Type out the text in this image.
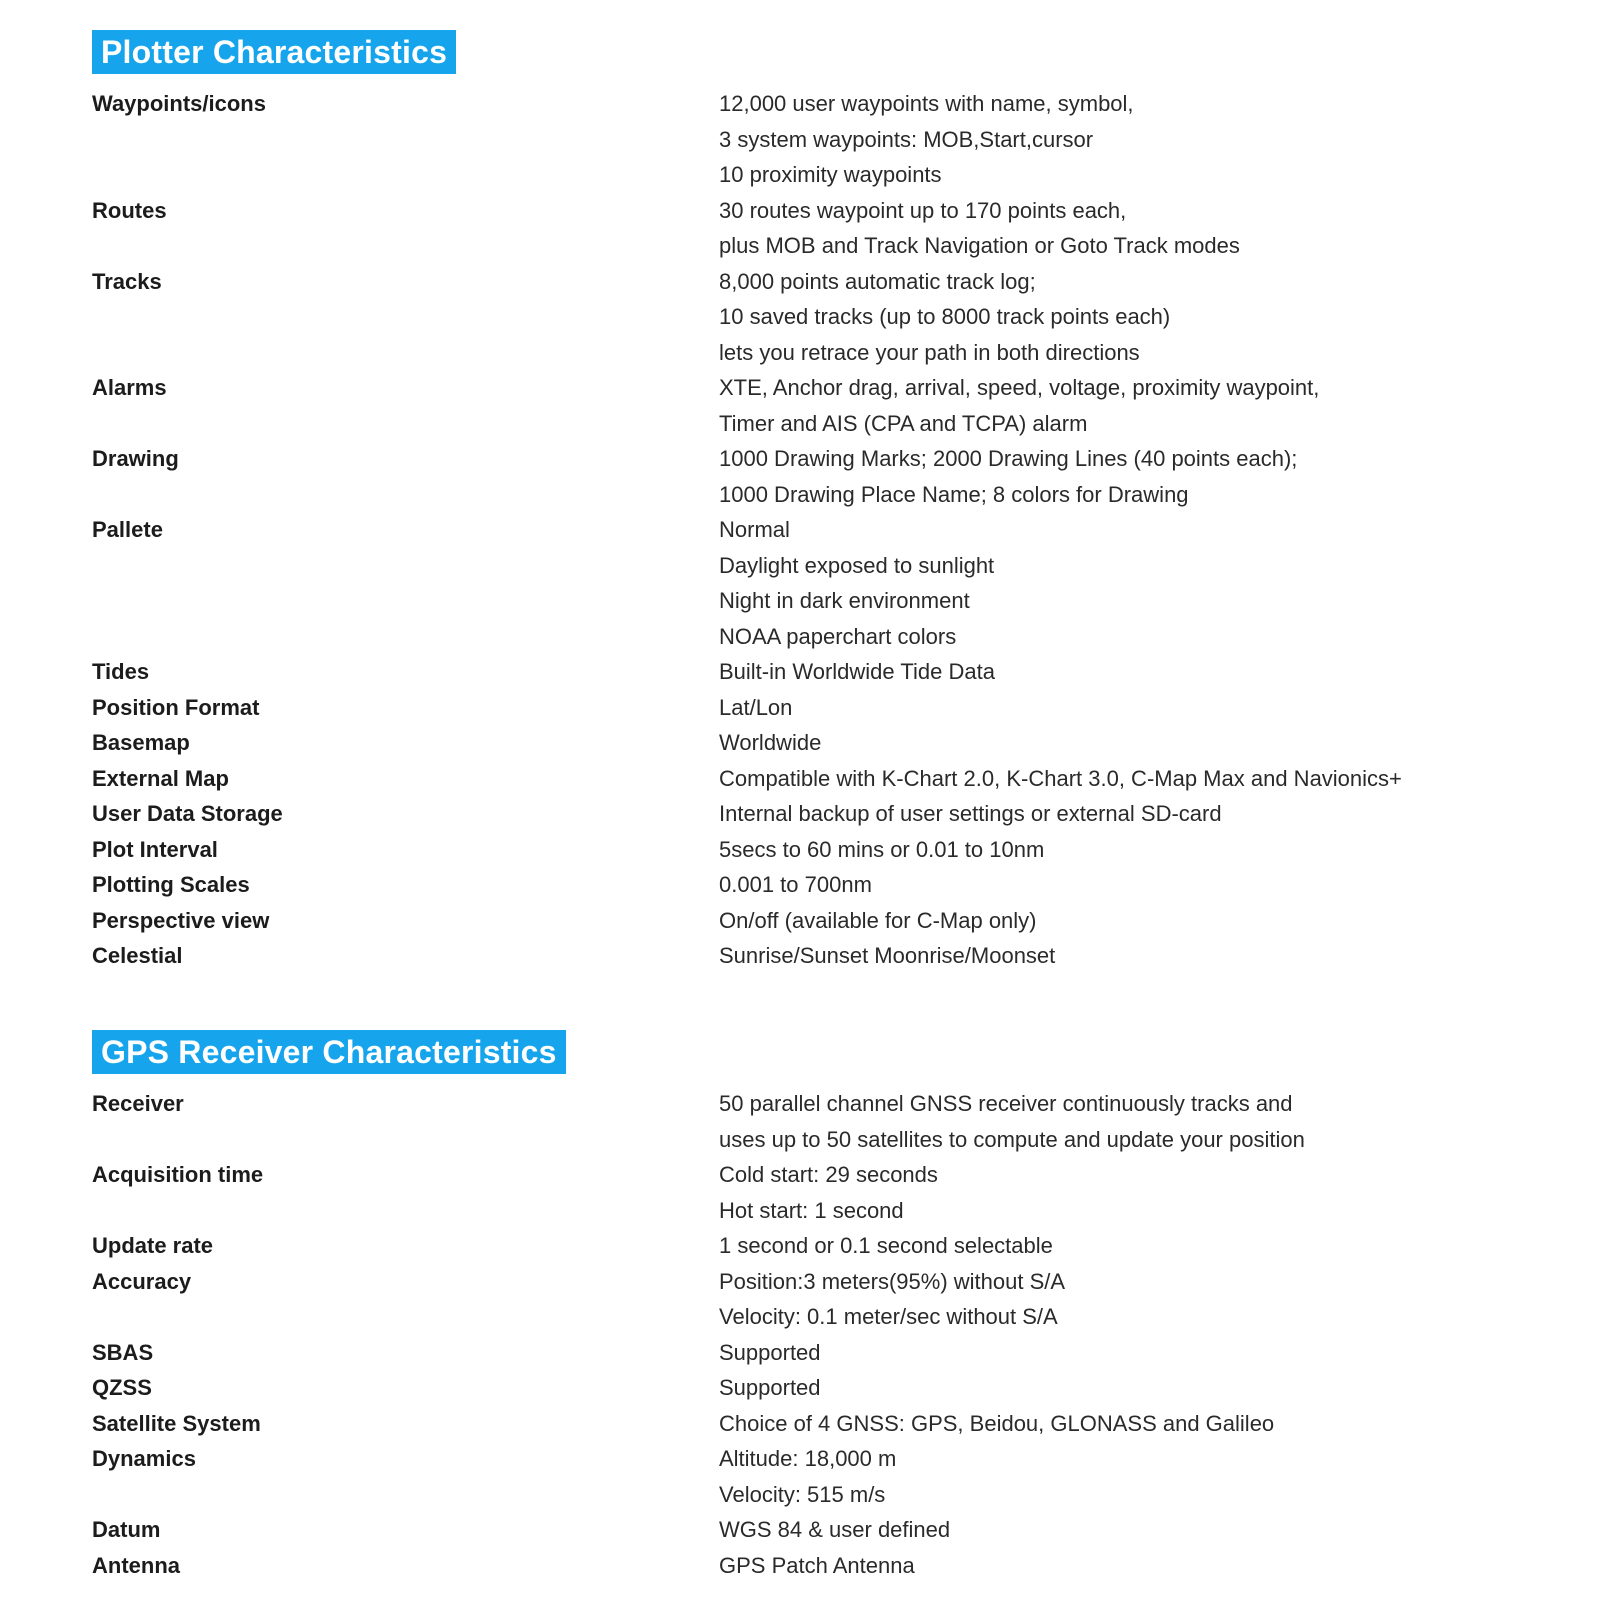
Plotter Characteristics
Waypoints/icons	12,000 user waypoints with name, symbol,
3 system waypoints: MOB,Start,cursor
10 proximity waypoints
Routes	30 routes waypoint up to 170 points each,
plus MOB and Track Navigation or Goto Track modes
Tracks	8,000 points automatic track log;
10 saved tracks (up to 8000 track points each)
lets you retrace your path in both directions
Alarms	XTE, Anchor drag, arrival, speed, voltage, proximity waypoint,
Timer and AIS (CPA and TCPA) alarm
Drawing	1000 Drawing Marks; 2000 Drawing Lines (40 points each);
1000 Drawing Place Name; 8 colors for Drawing
Pallete	Normal
Daylight exposed to sunlight
Night in dark environment
NOAA paperchart colors
Tides	Built-in Worldwide Tide Data
Position Format	Lat/Lon
Basemap	Worldwide
External Map	Compatible with K-Chart 2.0, K-Chart 3.0, C-Map Max and Navionics+
User Data Storage	Internal backup of user settings or external SD-card
Plot Interval	5secs to 60 mins or 0.01 to 10nm
Plotting Scales	0.001 to 700nm
Perspective view	On/off (available for C-Map only)
Celestial	Sunrise/Sunset Moonrise/Moonset
GPS Receiver Characteristics
Receiver	50 parallel channel GNSS receiver continuously tracks and
uses up to 50 satellites to compute and update your position
Acquisition time	Cold start: 29 seconds
Hot start: 1 second
Update rate	1 second or 0.1 second selectable
Accuracy	Position:3 meters(95%) without S/A
Velocity: 0.1 meter/sec without S/A
SBAS	Supported
QZSS	Supported
Satellite System	Choice of 4 GNSS: GPS, Beidou, GLONASS and Galileo
Dynamics	Altitude: 18,000 m
Velocity: 515 m/s
Datum	WGS 84 & user defined
Antenna	GPS Patch Antenna
